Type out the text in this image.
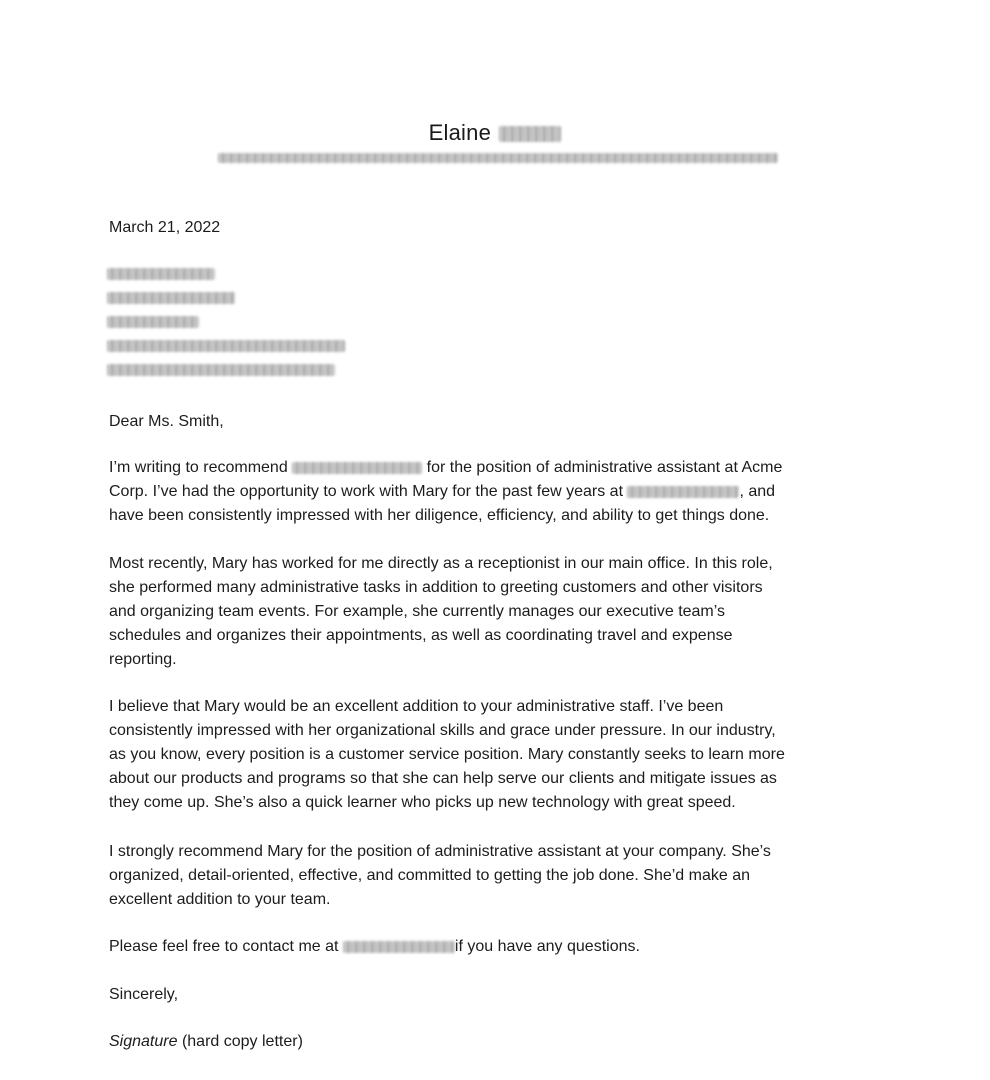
Elaine
March 21, 2022
Dear Ms. Smith,
I’m writing to recommend	for the position of administrative assistant at Acme
Corp. I’ve had the opportunity to work with Mary for the past few years at	, and
have been consistently impressed with her diligence, efficiency, and ability to get things done.
Most recently, Mary has worked for me directly as a receptionist in our main office. In this role,
she performed many administrative tasks in addition to greeting customers and other visitors
and organizing team events. For example, she currently manages our executive team’s
schedules and organizes their appointments, as well as coordinating travel and expense
reporting.
I believe that Mary would be an excellent addition to your administrative staff. I’ve been
consistently impressed with her organizational skills and grace under pressure. In our industry,
as you know, every position is a customer service position. Mary constantly seeks to learn more
about our products and programs so that she can help serve our clients and mitigate issues as
they come up. She’s also a quick learner who picks up new technology with great speed.
I strongly recommend Mary for the position of administrative assistant at your company. She’s
organized, detail-oriented, effective, and committed to getting the job done. She’d make an
excellent addition to your team.
Please feel free to contact me at	if you have any questions.
Sincerely,
Signature (hard copy letter)
